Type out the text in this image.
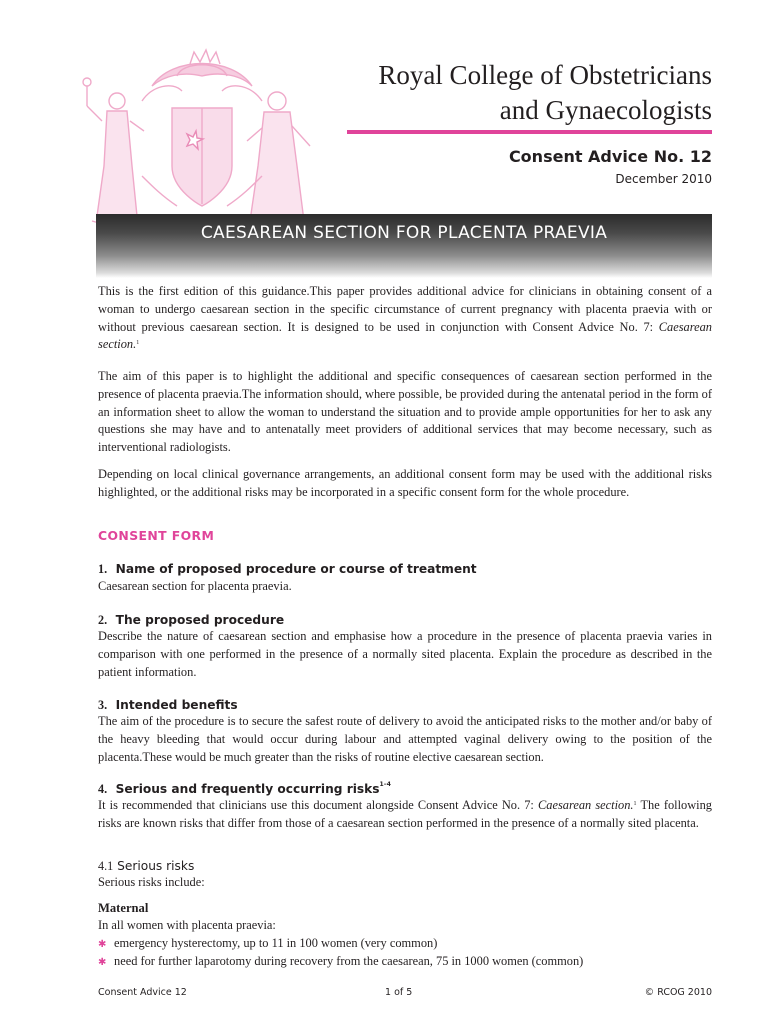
Royal College of Obstetricians
and Gynaecologists
Consent Advice No. 12
December 2010
CAESAREAN SECTION FOR PLACENTA PRAEVIA

This is the first edition of this guidance.This paper provides additional advice for clinicians in obtaining consent of a woman to undergo caesarean section in the specific circumstance of current pregnancy with placenta praevia with or without previous caesarean section. It is designed to be used in conjunction with Consent Advice No. 7: Caesarean section.$^1$

The aim of this paper is to highlight the additional and specific consequences of caesarean section performed in the presence of placenta praevia.The information should, where possible, be provided during the antenatal period in the form of an information sheet to allow the woman to understand the situation and to provide ample opportunities for her to ask any questions she may have and to antenatally meet providers of additional services that may become necessary, such as interventional radiologists.

Depending on local clinical governance arrangements, an additional consent form may be used with the additional risks highlighted, or the additional risks may be incorporated in a specific consent form for the whole procedure.

CONSENT FORM
1. Name of proposed procedure or course of treatment

Caesarean section for placenta praevia.

2. The proposed procedure

Describe the nature of caesarean section and emphasise how a procedure in the presence of placenta praevia varies in comparison with one performed in the presence of a normally sited placenta. Explain the procedure as described in the patient information.

3. Intended benefits

The aim of the procedure is to secure the safest route of delivery to avoid the anticipated risks to the mother and/or baby of the heavy bleeding that would occur during labour and attempted vaginal delivery owing to the position of the placenta.These would be much greater than the risks of routine elective caesarean section.

4. Serious and frequently occurring risks$^{1-4}$

It is recommended that clinicians use this document alongside Consent Advice No. 7: Caesarean section.$^1$ The following risks are known risks that differ from those of a caesarean section performed in the presence of a normally sited placenta.

4.1 Serious risks

Serious risks include:

Maternal

In all women with placenta praevia:

✱ emergency hysterectomy, up to 11 in 100 women (very common)
✱ need for further laparotomy during recovery from the caesarean, 75 in 1000 women (common)
Consent Advice 12	1 of 5	© RCOG 2010
